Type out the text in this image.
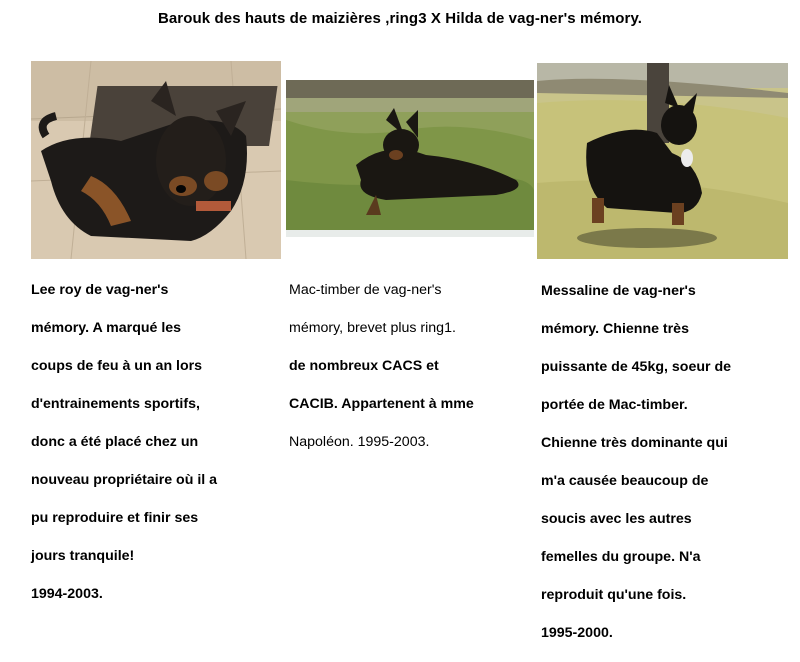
Barouk des hauts de maizières ,ring3 X Hilda de vag-ner's mémory.

Lee roy de vag-ner's

mémory. A marqué les

coups de feu à un an lors

d'entrainements sportifs,

donc a été placé chez un

nouveau propriétaire où il a

pu reproduire et finir ses

jours tranquile!

1994-2003.

Mac-timber de vag-ner's

mémory, brevet plus ring1.

de nombreux CACS et

CACIB. Appartenent à mme

Napoléon. 1995-2003.

Messaline de vag-ner's

mémory. Chienne très

puissante de 45kg, soeur de

portée de Mac-timber.

Chienne très dominante qui

m'a causée beaucoup de

soucis avec les autres

femelles du groupe. N'a

reproduit qu'une fois.

1995-2000.
